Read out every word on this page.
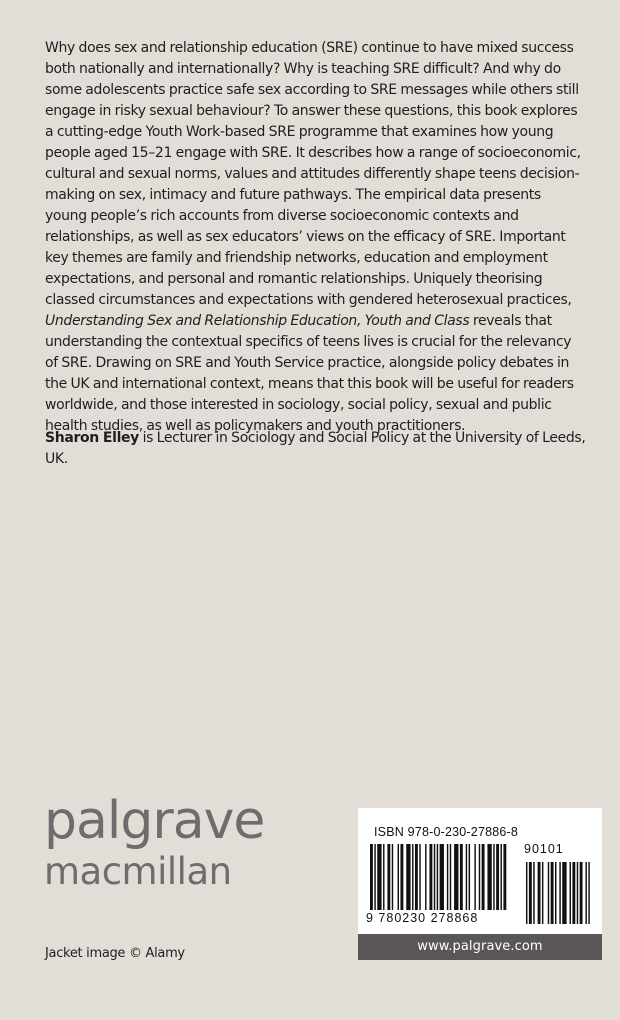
Why does sex and relationship education (SRE) continue to have mixed success both nationally and internationally? Why is teaching SRE difficult? And why do some adolescents practice safe sex according to SRE messages while others still engage in risky sexual behaviour? To answer these questions, this book explores a cutting-edge Youth Work-based SRE programme that examines how young people aged 15–21 engage with SRE. It describes how a range of socioeconomic, cultural and sexual norms, values and attitudes differently shape teens decision-making on sex, intimacy and future pathways. The empirical data presents young people’s rich accounts from diverse socioeconomic contexts and relationships, as well as sex educators’ views on the efficacy of SRE. Important key themes are family and friendship networks, education and employment expectations, and personal and romantic relationships. Uniquely theorising classed circumstances and expectations with gendered heterosexual practices, Understanding Sex and Relationship Education, Youth and Class reveals that understanding the contextual specifics of teens lives is crucial for the relevancy of SRE. Drawing on SRE and Youth Service practice, alongside policy debates in the UK and international context, means that this book will be useful for readers worldwide, and those interested in sociology, social policy, sexual and public health studies, as well as policymakers and youth practitioners.

Sharon Elley is Lecturer in Sociology and Social Policy at the University of Leeds, UK.

palgrave
macmillan

Jacket image © Alamy

ISBN 978-0-230-27886-8
90101
9 780230 278868
www.palgrave.com
